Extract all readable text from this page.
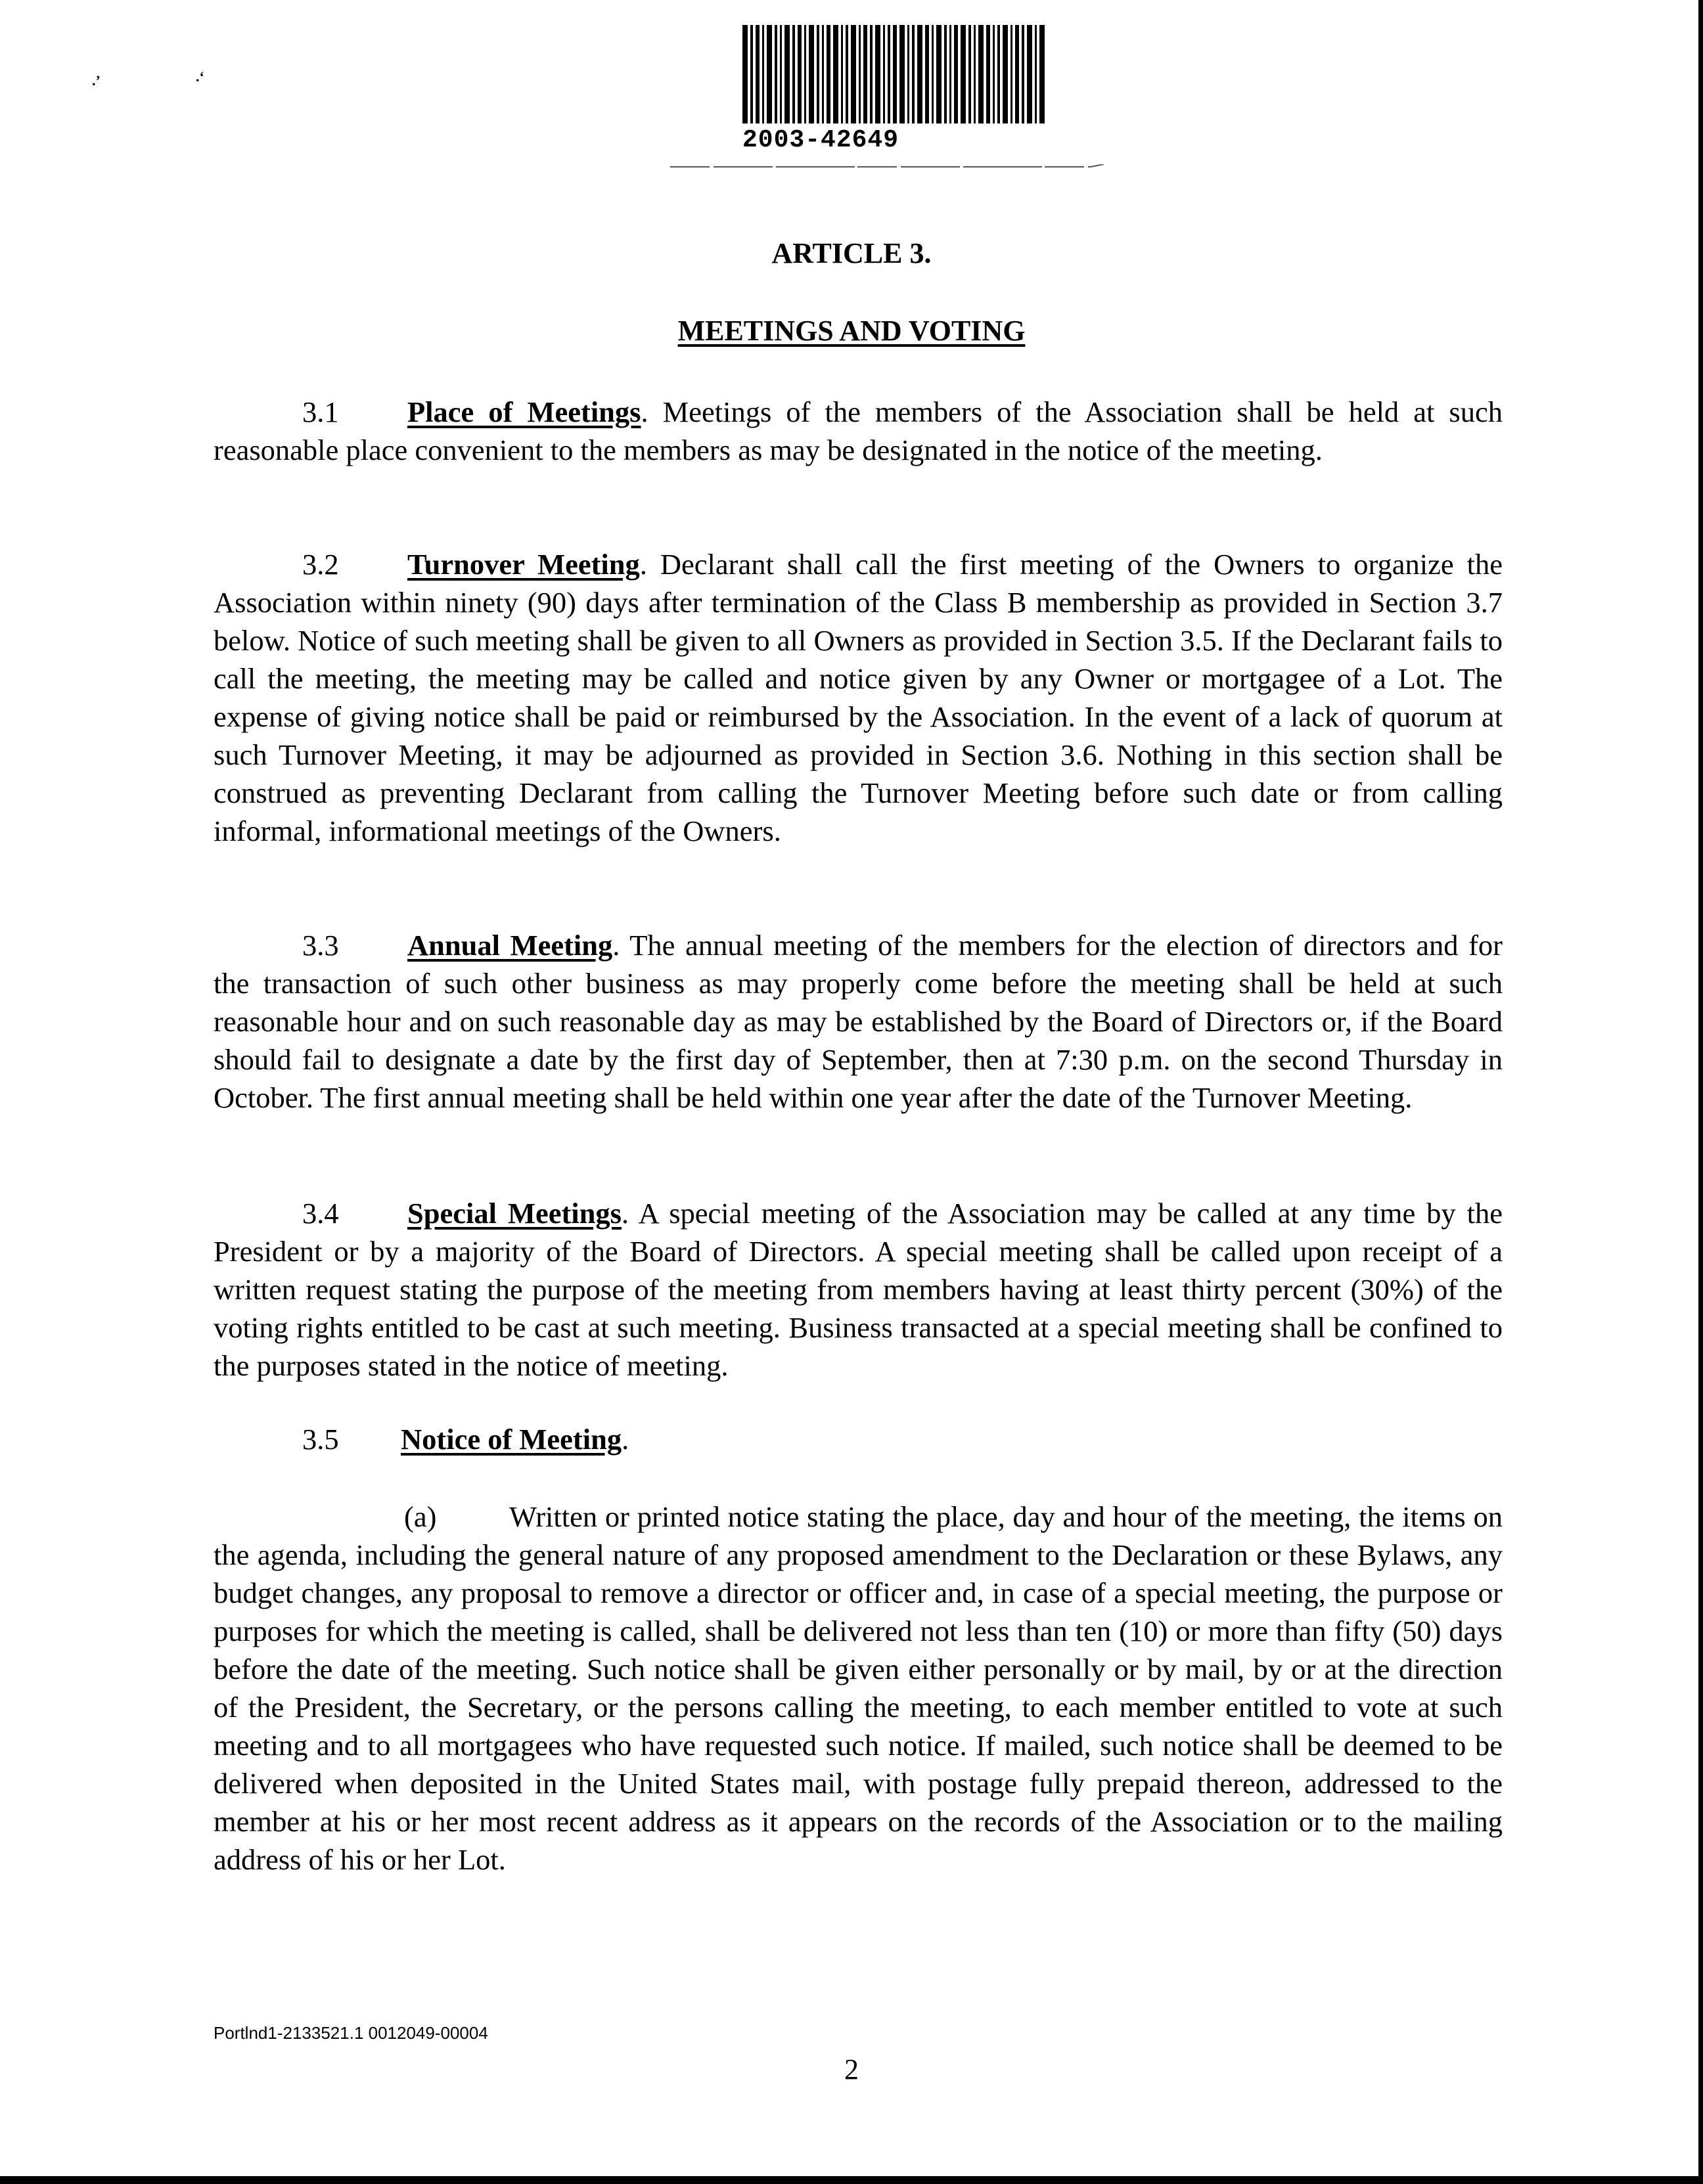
.’	.‘
2003-42649
ARTICLE 3.
MEETINGS AND VOTING
3.1 Place of Meetings. Meetings of the members of the Association shall be held at such reasonable place convenient to the members as may be designated in the notice of the meeting.
3.2 Turnover Meeting. Declarant shall call the first meeting of the Owners to organize the Association within ninety (90) days after termination of the Class B membership as provided in Section 3.7 below. Notice of such meeting shall be given to all Owners as provided in Section 3.5. If the Declarant fails to call the meeting, the meeting may be called and notice given by any Owner or mortgagee of a Lot. The expense of giving notice shall be paid or reimbursed by the Association. In the event of a lack of quorum at such Turnover Meeting, it may be adjourned as provided in Section 3.6. Nothing in this section shall be construed as preventing Declarant from calling the Turnover Meeting before such date or from calling informal, informational meetings of the Owners.
3.3 Annual Meeting. The annual meeting of the members for the election of directors and for the transaction of such other business as may properly come before the meeting shall be held at such reasonable hour and on such reasonable day as may be established by the Board of Directors or, if the Board should fail to designate a date by the first day of September, then at 7:30 p.m. on the second Thursday in October. The first annual meeting shall be held within one year after the date of the Turnover Meeting.
3.4 Special Meetings. A special meeting of the Association may be called at any time by the President or by a majority of the Board of Directors. A special meeting shall be called upon receipt of a written request stating the purpose of the meeting from members having at least thirty percent (30%) of the voting rights entitled to be cast at such meeting. Business transacted at a special meeting shall be confined to the purposes stated in the notice of meeting.
3.5 Notice of Meeting.
(a) Written or printed notice stating the place, day and hour of the meeting, the items on the agenda, including the general nature of any proposed amendment to the Declaration or these Bylaws, any budget changes, any proposal to remove a director or officer and, in case of a special meeting, the purpose or purposes for which the meeting is called, shall be delivered not less than ten (10) or more than fifty (50) days before the date of the meeting. Such notice shall be given either personally or by mail, by or at the direction of the President, the Secretary, or the persons calling the meeting, to each member entitled to vote at such meeting and to all mortgagees who have requested such notice. If mailed, such notice shall be deemed to be delivered when deposited in the United States mail, with postage fully prepaid thereon, addressed to the member at his or her most recent address as it appears on the records of the Association or to the mailing address of his or her Lot.
Portlnd1-2133521.1 0012049-00004
2
